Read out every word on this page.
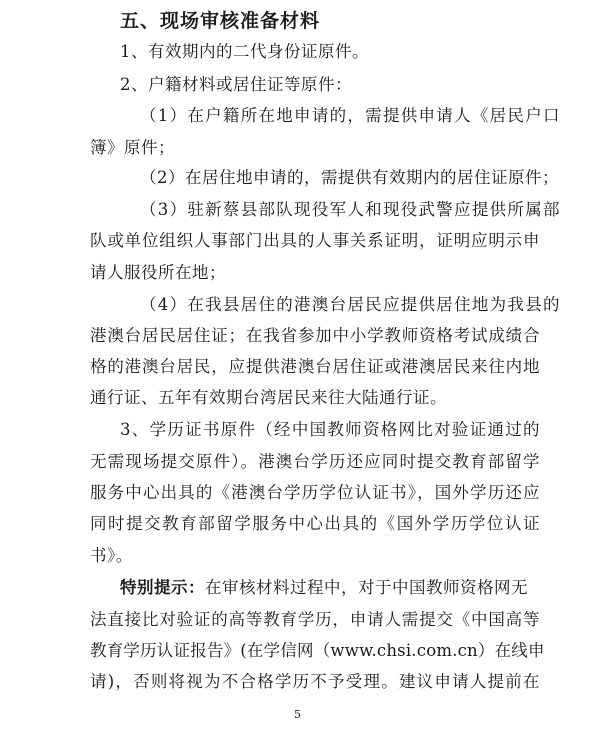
五、现场审核准备材料
1、有效期内的二代身份证原件。
2、户籍材料或居住证等原件：
（1）在户籍所在地申请的，需提供申请人《居民户口
簿》原件；
（2）在居住地申请的，需提供有效期内的居住证原件；
（3）驻新蔡县部队现役军人和现役武警应提供所属部
队或单位组织人事部门出具的人事关系证明，证明应明示申
请人服役所在地；
（4）在我县居住的港澳台居民应提供居住地为我县的
港澳台居民居住证；在我省参加中小学教师资格考试成绩合
格的港澳台居民，应提供港澳台居住证或港澳居民来往内地
通行证、五年有效期台湾居民来往大陆通行证。
3、学历证书原件（经中国教师资格网比对验证通过的
无需现场提交原件）。港澳台学历还应同时提交教育部留学
服务中心出具的《港澳台学历学位认证书》，国外学历还应
同时提交教育部留学服务中心出具的《国外学历学位认证
书》。
特别提示：在审核材料过程中，对于中国教师资格网无
法直接比对验证的高等教育学历，申请人需提交《中国高等
教育学历认证报告》(在学信网（www.chsi.com.cn）在线申
请)，否则将视为不合格学历不予受理。建议申请人提前在
5
